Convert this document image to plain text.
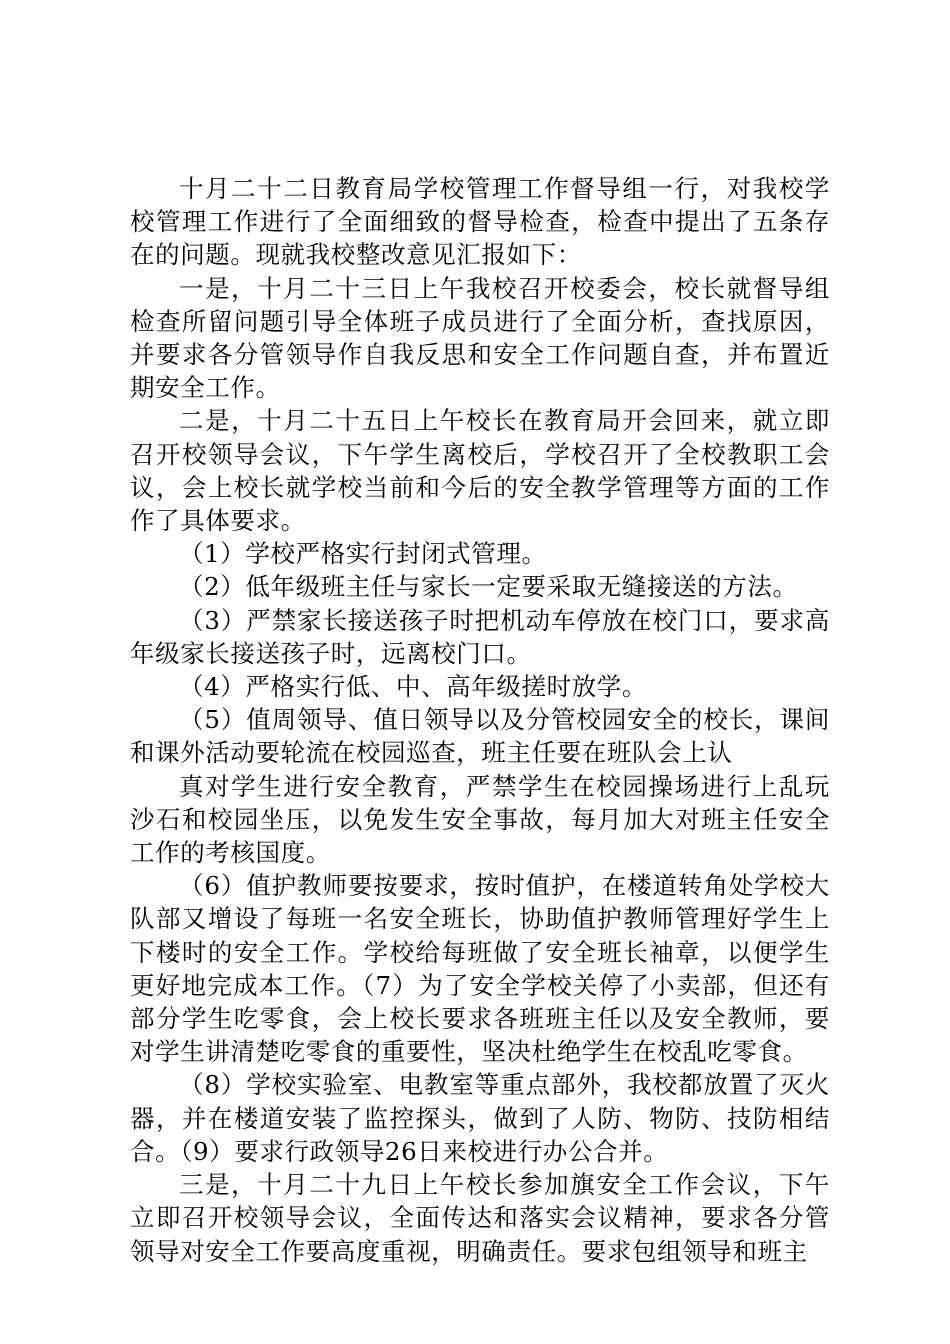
十月二十二日教育局学校管理工作督导组一行，对我校学校管理工作进行了全面细致的督导检查，检查中提出了五条存在的问题。现就我校整改意见汇报如下：

一是，十月二十三日上午我校召开校委会，校长就督导组检查所留问题引导全体班子成员进行了全面分析，查找原因，并要求各分管领导作自我反思和安全工作问题自查，并布置近期安全工作。

二是，十月二十五日上午校长在教育局开会回来，就立即召开校领导会议，下午学生离校后，学校召开了全校教职工会议，会上校长就学校当前和今后的安全教学管理等方面的工作作了具体要求。

（1）学校严格实行封闭式管理。

（2）低年级班主任与家长一定要采取无缝接送的方法。

（3）严禁家长接送孩子时把机动车停放在校门口，要求高年级家长接送孩子时，远离校门口。

（4）严格实行低、中、高年级搓时放学。

（5）值周领导、值日领导以及分管校园安全的校长，课间和课外活动要轮流在校园巡查，班主任要在班队会上认

真对学生进行安全教育，严禁学生在校园操场进行上乱玩沙石和校园坐压，以免发生安全事故，每月加大对班主任安全工作的考核国度。

（6）值护教师要按要求，按时值护，在楼道转角处学校大队部又增设了每班一名安全班长，协助值护教师管理好学生上下楼时的安全工作。学校给每班做了安全班长袖章，以便学生更好地完成本工作。（7）为了安全学校关停了小卖部，但还有部分学生吃零食，会上校长要求各班班主任以及安全教师，要对学生讲清楚吃零食的重要性，坚决杜绝学生在校乱吃零食。

（8）学校实验室、电教室等重点部外，我校都放置了灭火器，并在楼道安装了监控探头，做到了人防、物防、技防相结合。（9）要求行政领导26日来校进行办公合并。

三是，十月二十九日上午校长参加旗安全工作会议，下午立即召开校领导会议，全面传达和落实会议精神，要求各分管领导对安全工作要高度重视，明确责任。要求包组领导和班主
